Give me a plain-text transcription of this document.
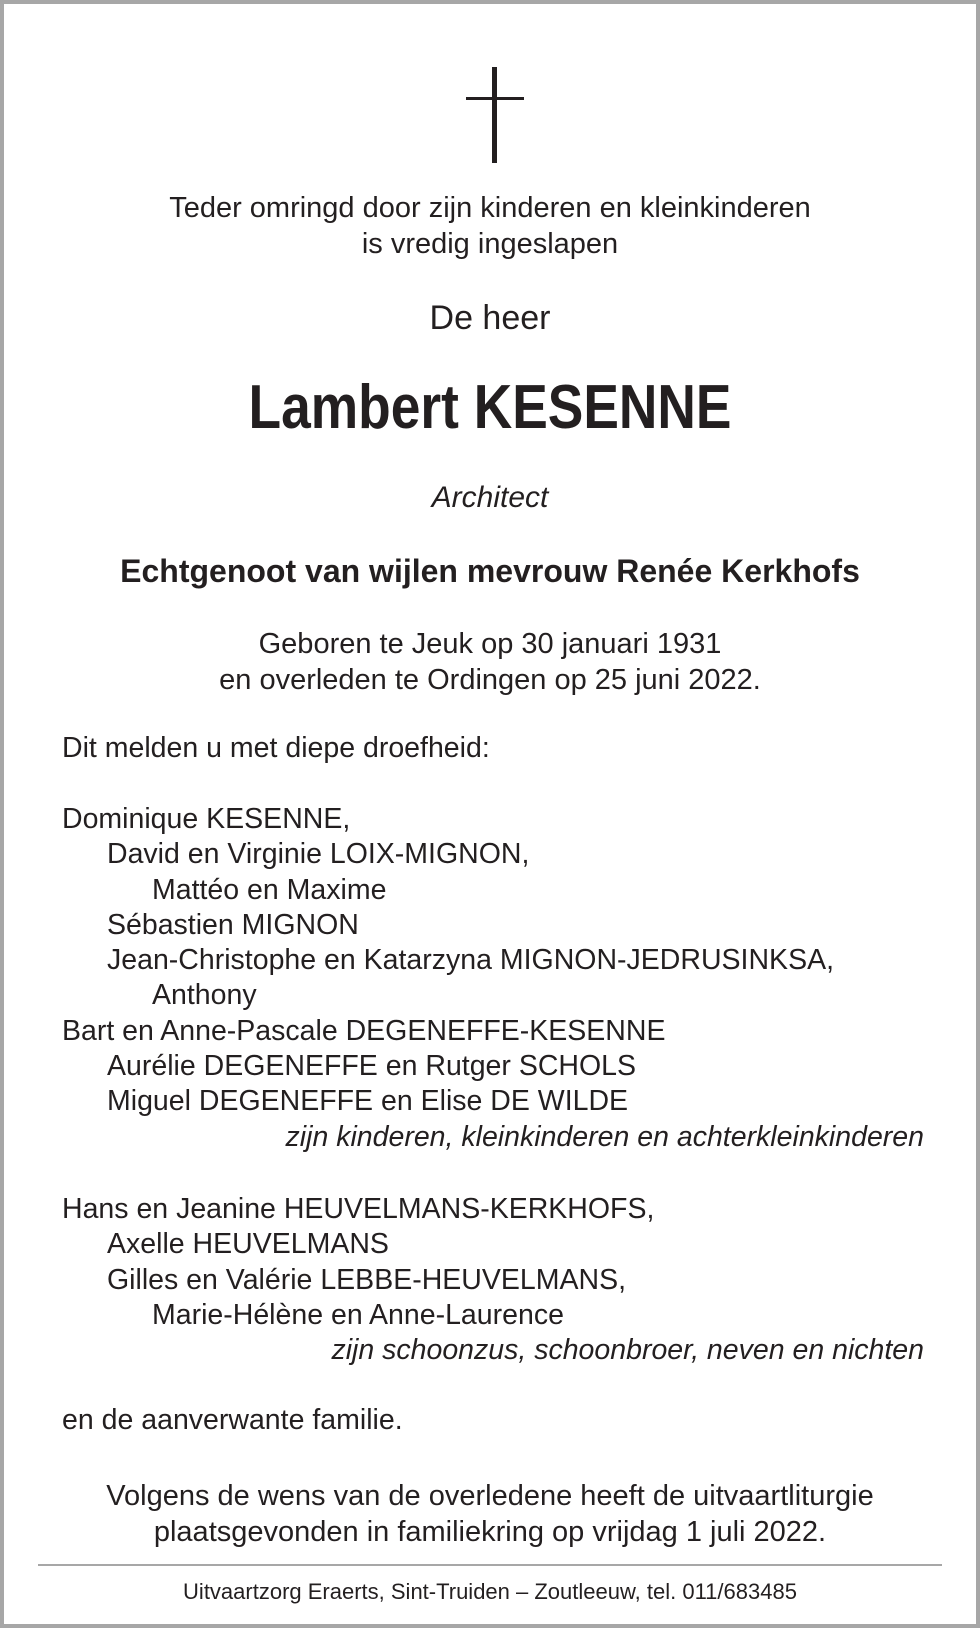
Teder omringd door zijn kinderen en kleinkinderen
is vredig ingeslapen
De heer
Lambert KESENNE
Architect
Echtgenoot van wijlen mevrouw Renée Kerkhofs
Geboren te Jeuk op 30 januari 1931
en overleden te Ordingen op 25 juni 2022.
Dit melden u met diepe droefheid:
Dominique KESENNE,
David en Virginie LOIX-MIGNON,
Mattéo en Maxime
Sébastien MIGNON
Jean-Christophe en Katarzyna MIGNON-JEDRUSINKSA,
Anthony
Bart en Anne-Pascale DEGENEFFE-KESENNE
Aurélie DEGENEFFE en Rutger SCHOLS
Miguel DEGENEFFE en Elise DE WILDE
zijn kinderen, kleinkinderen en achterkleinkinderen
Hans en Jeanine HEUVELMANS-KERKHOFS,
Axelle HEUVELMANS
Gilles en Valérie LEBBE-HEUVELMANS,
Marie-Hélène en Anne-Laurence
zijn schoonzus, schoonbroer, neven en nichten
en de aanverwante familie.
Volgens de wens van de overledene heeft de uitvaartliturgie
plaatsgevonden in familiekring op vrijdag 1 juli 2022.
Uitvaartzorg Eraerts, Sint-Truiden – Zoutleeuw, tel. 011/683485
